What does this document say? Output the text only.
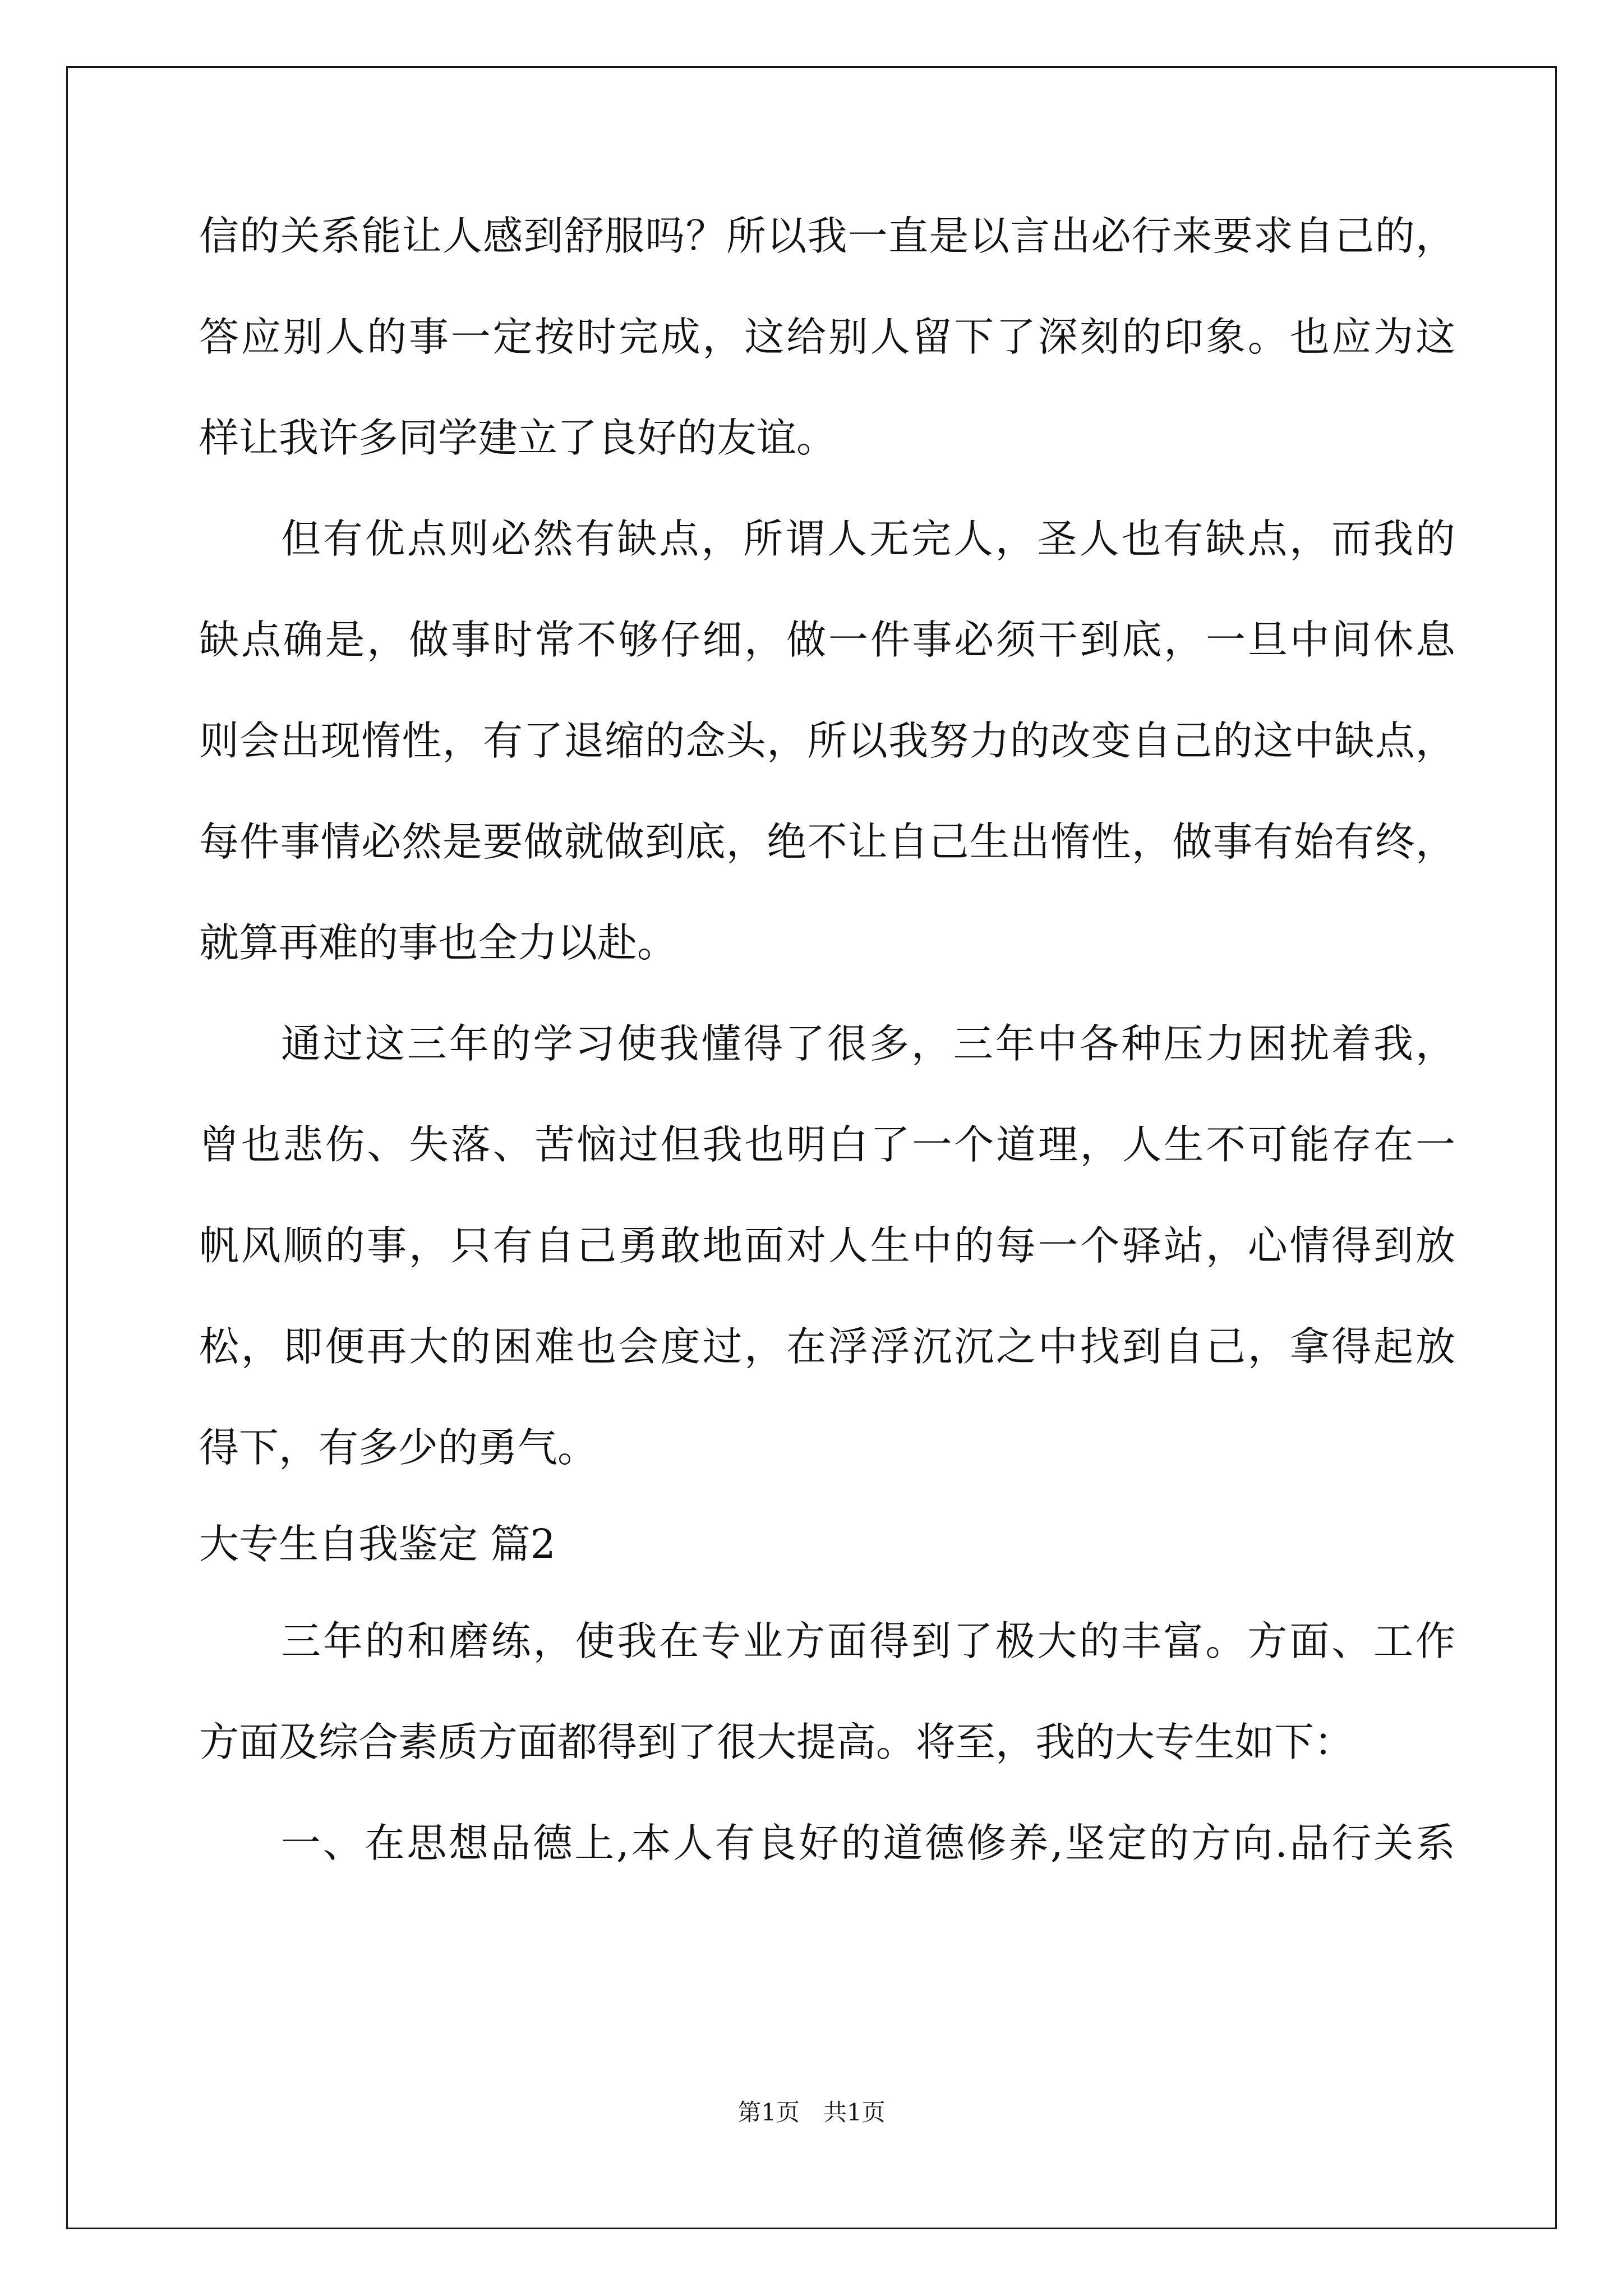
信的关系能让人感到舒服吗？所以我一直是以言出必行来要求自己的，
答应别人的事一定按时完成，这给别人留下了深刻的印象。也应为这
样让我许多同学建立了良好的友谊。
但有优点则必然有缺点，所谓人无完人，圣人也有缺点，而我的
缺点确是，做事时常不够仔细，做一件事必须干到底，一旦中间休息
则会出现惰性，有了退缩的念头，所以我努力的改变自己的这中缺点，
每件事情必然是要做就做到底，绝不让自己生出惰性，做事有始有终，
就算再难的事也全力以赴。
通过这三年的学习使我懂得了很多，三年中各种压力困扰着我，
曾也悲伤、失落、苦恼过但我也明白了一个道理，人生不可能存在一
帆风顺的事，只有自己勇敢地面对人生中的每一个驿站，心情得到放
松，即便再大的困难也会度过，在浮浮沉沉之中找到自己，拿得起放
得下，有多少的勇气。
大专生自我鉴定 篇2
三年的和磨练，使我在专业方面得到了极大的丰富。方面、工作
方面及综合素质方面都得到了很大提高。将至，我的大专生如下：
一、在思想品德上,本人有良好的道德修养,坚定的方向.品行关系
第1页　共1页
